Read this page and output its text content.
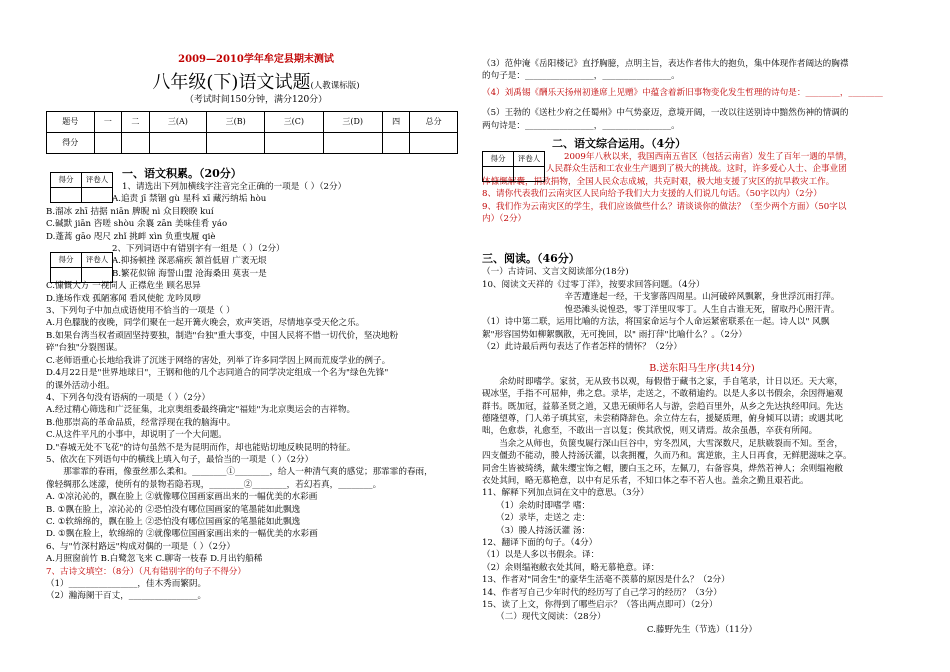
2009—2010学年牟定县期末测试
八年级(下)语文试题(人教课标版)
（考试时间150分钟，满分120分）
题号	一	二	三(A)	三(B)	三(C)	三(D)	四	总分
得分								
得分	评卷人
	一、语文积累。（20分）
1、请选出下列加横线字注音完全正确的一项是（ ）（2分）
A.追责 jī 禁锢 gù 星科 xī 藏污纳垢 hòu
B.溜冰 zhī 拮据 niān 脾睨 nì 众目睽睽 kuí
C.碱默 jiān 咨嗟 shòu 余襄 zān 美味佳肴 yáo
D.蓬蒿 gāo 咫尺 zhǐ 挑衅 xìn 负重曳履 qiè
得分	评卷人

2、下列词语中有错别字有一组是（ ）（2分）
A.抑扬顿挫 深恶痛疾 颔首低眉 广袤无垠
B.繁花似锦 海誓山盟 沧海桑田 莫衷一是
C.慷慨大方 一视同人 正襟危坐 顾名思异
D.逢场作戏 孤陋寡闻 看风使舵 龙吟凤哕
3、下列句子中加点成语使用不恰当的一项是（ ）
A.月色朦胧的夜晚，同学们聚在一起开篝火晚会，欢声笑语，尽情地享受天伦之乐。
B.如果台湾当权者顽固坚持要独，制造"台独"重大事变，中国人民将不惜一切代价，坚决地粉
碎"台独"分裂图谋。
C.老师语重心长地给我讲了沉迷于网络的害处，列举了许多同学因上网而荒废学业的例子。
D.4月22日是"世界地球日"，王钢和他的几个志同道合的同学决定组成一个名为"绿色先锋"
的课外活动小组。
4、下列各句没有语病的一项是（ ）（2分）
A.经过精心筛选和广泛征集，北京奥组委最终确定"福娃"为北京奥运会的吉祥物。
B.他那崇高的革命品质，经常浮现在我的脑海中。
C.从这件平凡的小事中，却说明了一个大问题。
D."春城无处不飞花"的诗句虽然不是为昆明而作，却也能贴切地反映昆明的特征。
5、依次在下列语句中的横线上填入句子，最恰当的一项是（ ）（2分）
那霏霏的春雨，像蚕丝那么柔和。________①________，给人一种清气爽的感觉；那霏霏的春雨，
像轻绸那么迷濛，使所有的景物若隐若现，________②________，若幻若真，________。
A. ①凉沁沁的，飘在脸上 ②就像哪位国画家画出来的一幅优美的水彩画
B. ①飘在脸上，凉沁沁的 ②恐怕没有哪位国画家的笔墨能如此飘逸
C. ①软绵绵的，飘在脸上 ②恐怕没有哪位国画家的笔墨能如此飘逸
D. ①飘在脸上，软绵绵的 ②就像哪位国画家画出来的一幅优美的水彩画
6、与"竹深村路远"构成对偶的一项是（ ）（2分）
A.月照窗前竹 B.白鹭忽飞来 C.聊寄一枝春 D.月出钓船稀
7、古诗文填空：（8分）（凡有错别字的句子不得分）
（1）________________，佳木秀而繁阴。
（2）瀚海阑干百丈，________________。
（3）范仲淹《岳阳楼记》直抒胸臆，点明主旨，表达作者伟大的抱负，集中体现作者阔达的胸襟
的句子是：________________，________________。
（4）刘禹锡《酬乐天扬州初逢席上见赠》中蕴含着新旧事物变化发生哲理的诗句是：________，________
（5）王勃的《送杜少府之任蜀州》中气势豪迈，意境开阔，一改以往送别诗中黯然伤神的情调的
两句诗是：________________，________________。
二、语文综合运用。（4分）
得分	评卷人
		2009年八秋以来，我国西南五省区（包括云南省）发生了百年一遇的旱情，
人民群众生活和工农业生产遇到了极大的挑战。这时，许多爱心人士、企事业团
体慷慨解囊，捐款捐物，全国人民众志成城，共克时艰，极大地支援了灾区的抗旱救灾工作。
8、请你代表我们云南灾区人民向给予我们大力支援的人们说几句话。（50字以内）（2分）
9、我们作为云南灾区的学生，我们应该做些什么？请谈谈你的做法？（至少两个方面）（50字以
内）（2分）
三、阅读。（46分）
（一）古诗词、文言文阅读部分(18分)
10、阅读文天祥的《过零丁洋》，按要求回答问题。（4分）
辛苦遭逢起一经，干戈寥落四周星。山河破碎风飘絮，身世浮沉雨打萍。
惶恐滩头说惶恐，零丁洋里叹零丁。人生自古谁无死，留取丹心照汗青。
（1）诗中第二联，运用比喻的方法，将国家命运与个人命运紧密联系在一起。诗人以" 风飘
絮"形容国势如柳絮飘散，无可挽回，以" 雨打萍"比喻什么？。（2分）
（2）此诗最后两句表达了作者怎样的情怀？（2分）
B.送东阳马生序(共14分)
余幼时即嗜学。家贫，无从致书以观，每假借于藏书之家，手自笔录，计日以还。天大寒，
砚冰坚，手指不可屈伸，弗之怠。录毕，走送之，不敢稍逾约。以是人多以书假余，余因得遍观
群书。既加冠，益慕圣贤之道，又患无硕师名人与游，尝趋百里外，从乡之先达执经叩问。先达
德隆望尊，门人弟子填其室，未尝稍降辞色。余立侍左右，援疑质理，俯身倾耳以请；或遇其叱
咄，色愈恭，礼愈至，不敢出一言以复；俟其欣悦，则又请焉。故余虽愚，卒获有所闻。
当余之从师也，负箧曳屣行深山巨谷中，穷冬烈风，大雪深数尺，足肤皲裂而不知。至舍，
四支僵劲不能动，媵人持汤沃灌，以衾拥覆，久而乃和。寓逆旅，主人日再食，无鲜肥滋味之享。
同舍生皆被绮绣，戴朱缨宝饰之帽，腰白玉之环，左佩刀，右备容臭，烨然若神人；余则缊袍敝
衣处其间，略无慕艳意，以中有足乐者，不知口体之奉不若人也。盖余之勤且艰若此。
11、解释下列加点词在文中的意思。（3分）
（1）余幼时即嗜学 嗜：
（2）录毕，走送之 走：
（3）媵人持汤沃灌 汤：
12、翻译下面的句子。（4分）
（1）以是人多以书假余。译：
（2）余则缊袍敝衣处其间，略无慕艳意。译：
13、作者对"同舍生"的豪华生活毫不羡慕的原因是什么？（2分）
14、作者写自己少年时代的经历写了自己学习的经历？（3分）
15、读了上文，你得到了哪些启示？（答出两点即可）（2分）
（二）现代文阅读：（28分）
C.藤野先生（节选）（11分）
